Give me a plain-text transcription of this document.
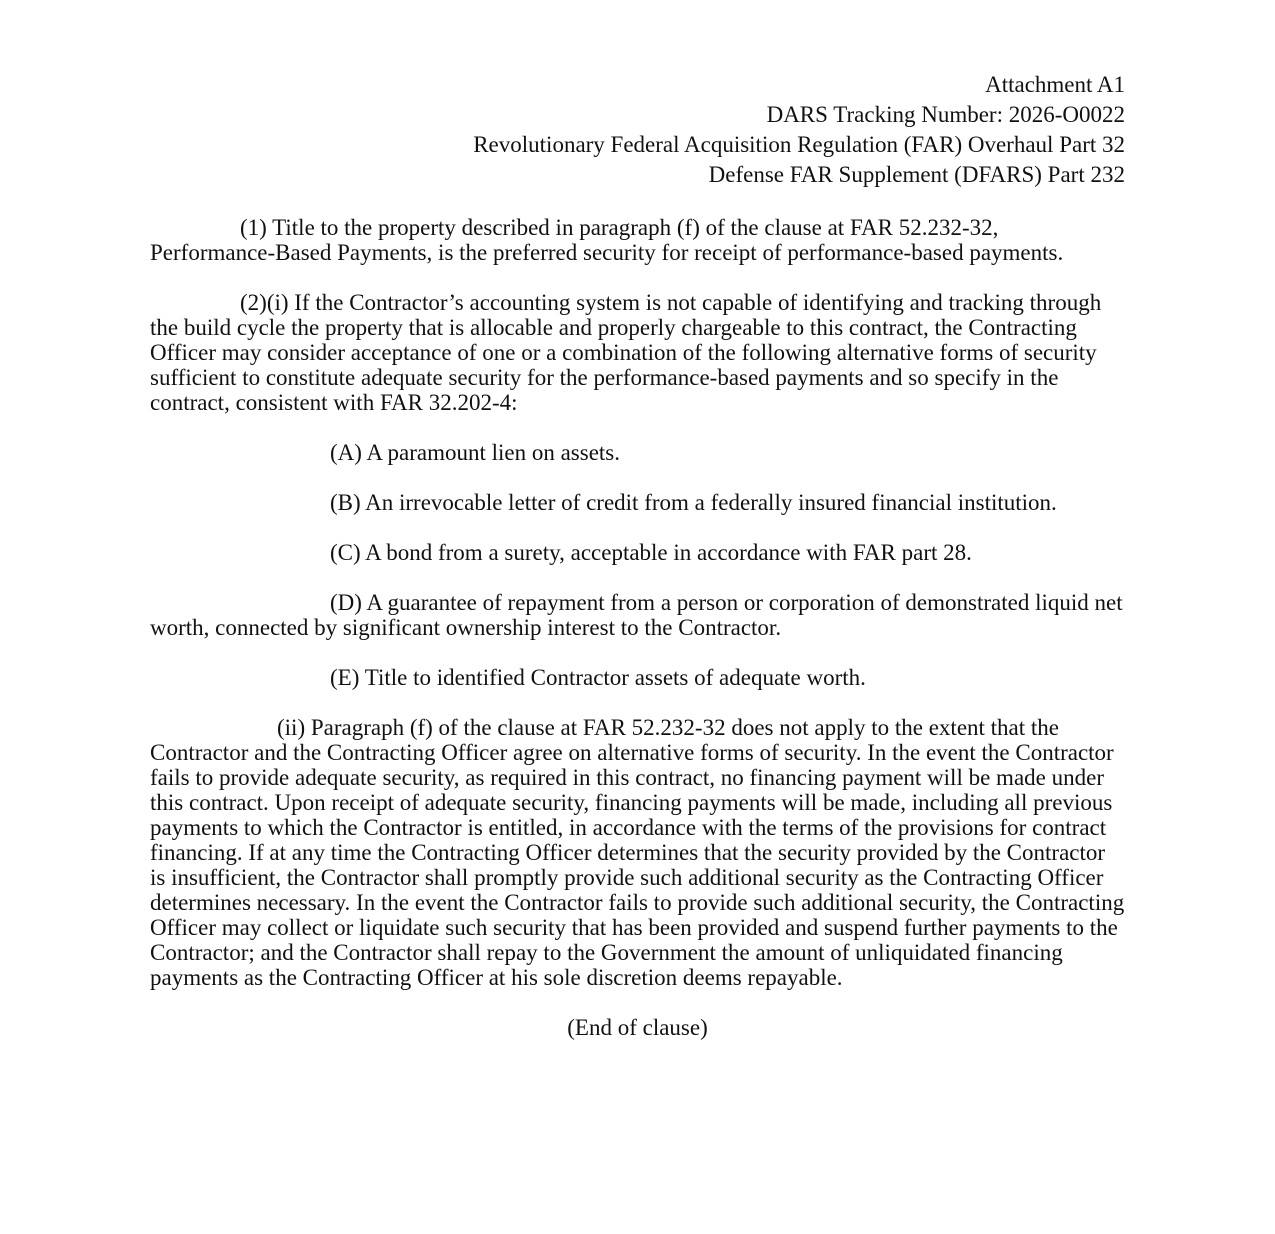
Attachment A1
DARS Tracking Number: 2026-O0022
Revolutionary Federal Acquisition Regulation (FAR) Overhaul Part 32
Defense FAR Supplement (DFARS) Part 232

(1) Title to the property described in paragraph (f) of the clause at FAR 52.232-32, Performance-Based Payments, is the preferred security for receipt of performance-based payments.

(2)(i) If the Contractor’s accounting system is not capable of identifying and tracking through the build cycle the property that is allocable and properly chargeable to this contract, the Contracting Officer may consider acceptance of one or a combination of the following alternative forms of security sufficient to constitute adequate security for the performance-based payments and so specify in the contract, consistent with FAR 32.202-4:

(A) A paramount lien on assets.

(B) An irrevocable letter of credit from a federally insured financial institution.

(C) A bond from a surety, acceptable in accordance with FAR part 28.

(D) A guarantee of repayment from a person or corporation of demonstrated liquid net worth, connected by significant ownership interest to the Contractor.

(E) Title to identified Contractor assets of adequate worth.

(ii) Paragraph (f) of the clause at FAR 52.232-32 does not apply to the extent that the Contractor and the Contracting Officer agree on alternative forms of security. In the event the Contractor fails to provide adequate security, as required in this contract, no financing payment will be made under this contract. Upon receipt of adequate security, financing payments will be made, including all previous payments to which the Contractor is entitled, in accordance with the terms of the provisions for contract financing. If at any time the Contracting Officer determines that the security provided by the Contractor is insufficient, the Contractor shall promptly provide such additional security as the Contracting Officer determines necessary. In the event the Contractor fails to provide such additional security, the Contracting Officer may collect or liquidate such security that has been provided and suspend further payments to the Contractor; and the Contractor shall repay to the Government the amount of unliquidated financing payments as the Contracting Officer at his sole discretion deems repayable.

(End of clause)
